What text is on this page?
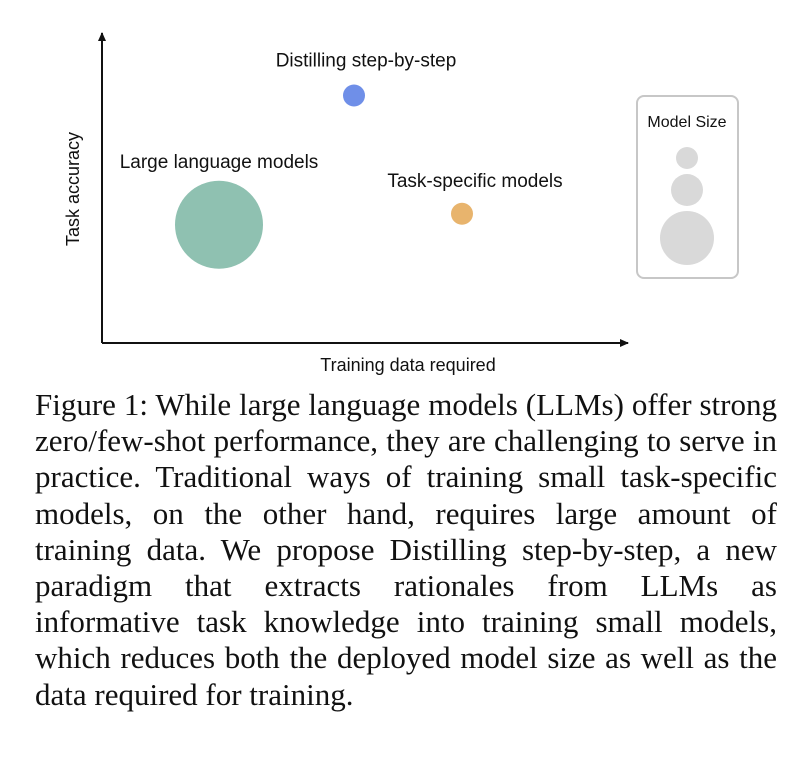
Task accuracy
Training data required
Distilling step-by-step
Large language models
Task-specific models
Model Size

Figure 1: While large language models (LLMs) offer strong zero/few-shot performance, they are challenging to serve in practice. Traditional ways of training small task-specific models, on the other hand, requires large amount of training data. We propose Distilling step-by-step, a new paradigm that extracts rationales from LLMs as informative task knowledge into training small models, which reduces both the deployed model size as well as the data required for training.
